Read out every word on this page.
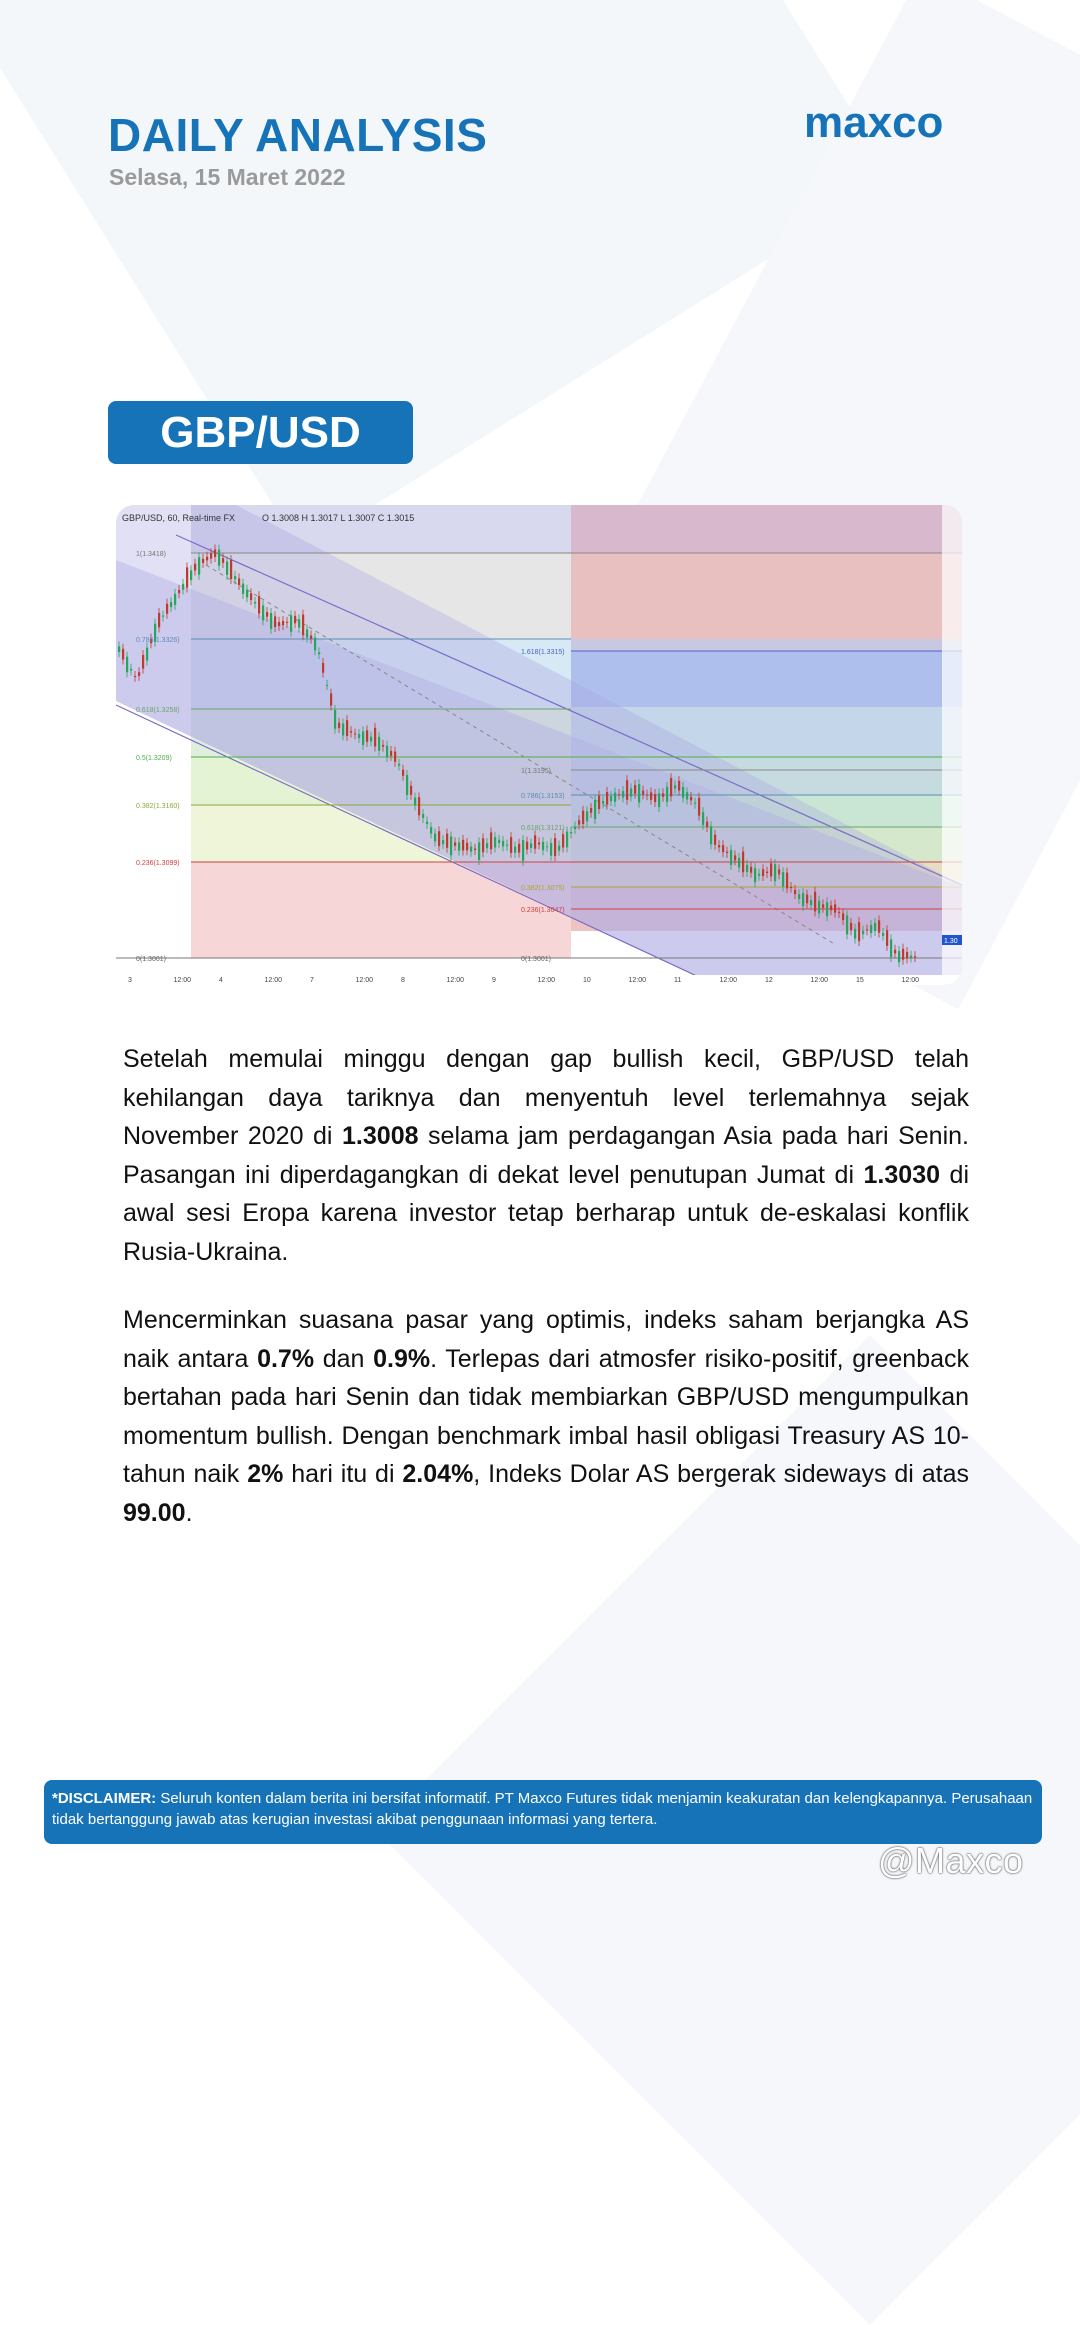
DAILY ANALYSIS
Selasa, 15 Maret 2022
maxco
GBP/USD
1(1.3418)
0.786(1.3326)
0.618(1.3258)
0.5(1.3209)
0.382(1.3160)
0.236(1.3099)
0(1.3001)
1.618(1.3315)
1(1.3195)
0.786(1.3153)
0.618(1.3121)
0.382(1.3075)
0.236(1.3047)
0(1.3001)
GBP/USD, 60, Real-time FX	O 1.3008 H 1.3017 L 1.3007 C 1.3015
1.30
3	12:00	4	12:00	7	12:00	8	12:00	9	12:00	10	12:00	11	12:00	12	12:00	15	12:00

Setelah memulai minggu dengan gap bullish kecil, GBP/USD telah kehilangan daya tariknya dan menyentuh level terlemahnya sejak November 2020 di 1.3008 selama jam perdagangan Asia pada hari Senin. Pasangan ini diperdagangkan di dekat level penutupan Jumat di 1.3030 di awal sesi Eropa karena investor tetap berharap untuk de-eskalasi konflik Rusia-Ukraina.

Mencerminkan suasana pasar yang optimis, indeks saham berjangka AS naik antara 0.7% dan 0.9%. Terlepas dari atmosfer risiko-positif, greenback bertahan pada hari Senin dan tidak membiarkan GBP/USD mengumpulkan momentum bullish. Dengan benchmark imbal hasil obligasi Treasury AS 10-tahun naik 2% hari itu di 2.04%, Indeks Dolar AS bergerak sideways di atas 99.00.

*DISCLAIMER: Seluruh konten dalam berita ini bersifat informatif. PT Maxco Futures tidak menjamin keakuratan dan kelengkapannya. Perusahaan tidak bertanggung jawab atas kerugian investasi akibat penggunaan informasi yang tertera.
@Maxco
